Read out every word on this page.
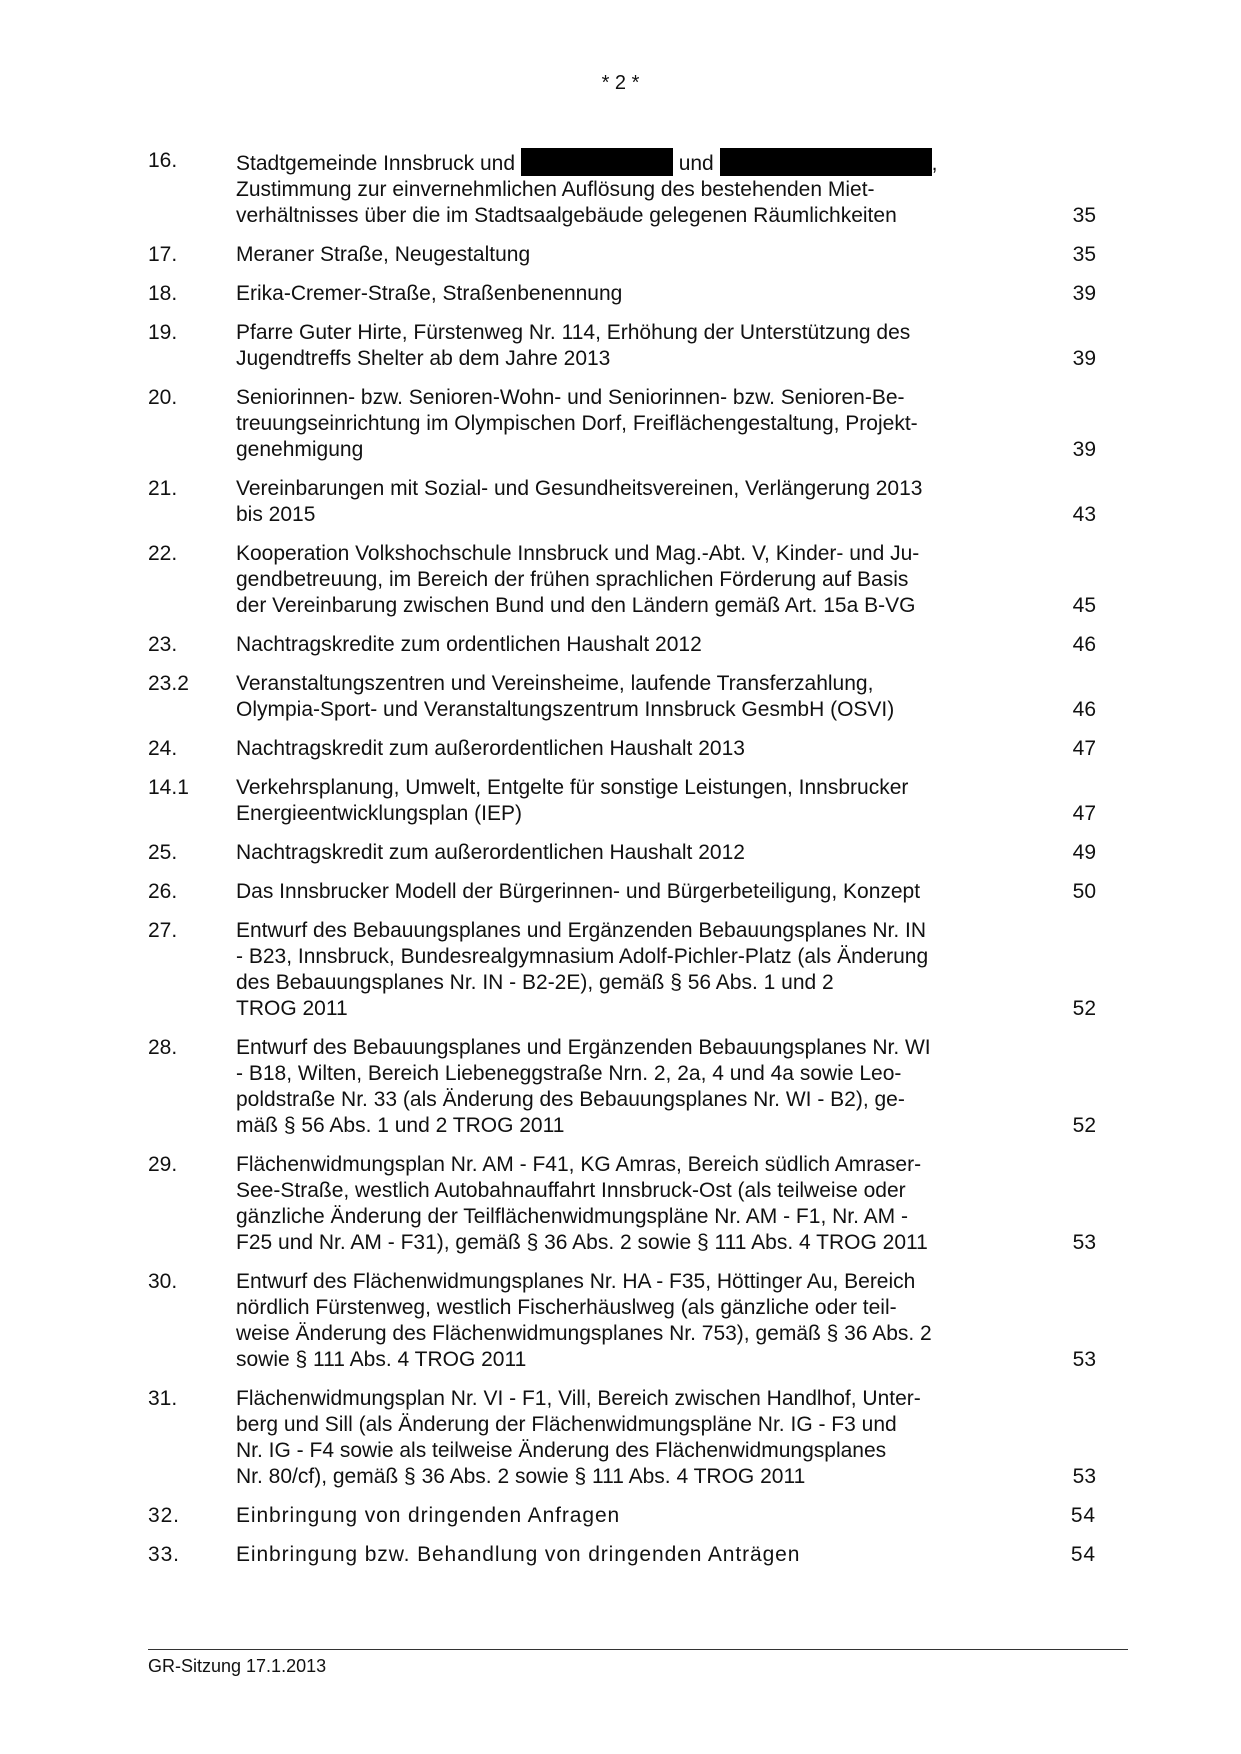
* 2 *
16.	Stadtgemeinde Innsbruck und	und	,
Zustimmung zur einvernehmlichen Auflösung des bestehenden Miet-
verhältnisses über die im Stadtsaalgebäude gelegenen Räumlichkeiten	35
17.	Meraner Straße, Neugestaltung	35
18.	Erika-Cremer-Straße, Straßenbenennung	39
19.	Pfarre Guter Hirte, Fürstenweg Nr. 114, Erhöhung der Unterstützung des
Jugendtreffs Shelter ab dem Jahre 2013	39
20.	Seniorinnen- bzw. Senioren-Wohn- und Seniorinnen- bzw. Senioren-Be-
treuungseinrichtung im Olympischen Dorf, Freiflächengestaltung, Projekt-
genehmigung	39
21.	Vereinbarungen mit Sozial- und Gesundheitsvereinen, Verlängerung 2013
bis 2015	43
22.	Kooperation Volkshochschule Innsbruck und Mag.-Abt. V, Kinder- und Ju-
gendbetreuung, im Bereich der frühen sprachlichen Förderung auf Basis
der Vereinbarung zwischen Bund und den Ländern gemäß Art. 15a B-VG	45
23.	Nachtragskredite zum ordentlichen Haushalt 2012	46
23.2	Veranstaltungszentren und Vereinsheime, laufende Transferzahlung,
Olympia-Sport- und Veranstaltungszentrum Innsbruck GesmbH (OSVI)	46
24.	Nachtragskredit zum außerordentlichen Haushalt 2013	47
14.1	Verkehrsplanung, Umwelt, Entgelte für sonstige Leistungen, Innsbrucker
Energieentwicklungsplan (IEP)	47
25.	Nachtragskredit zum außerordentlichen Haushalt 2012	49
26.	Das Innsbrucker Modell der Bürgerinnen- und Bürgerbeteiligung, Konzept	50
27.	Entwurf des Bebauungsplanes und Ergänzenden Bebauungsplanes Nr. IN
- B23, Innsbruck, Bundesrealgymnasium Adolf-Pichler-Platz (als Änderung
des Bebauungsplanes Nr. IN - B2-2E), gemäß § 56 Abs. 1 und 2
TROG 2011	52
28.	Entwurf des Bebauungsplanes und Ergänzenden Bebauungsplanes Nr. WI
- B18, Wilten, Bereich Liebeneggstraße Nrn. 2, 2a, 4 und 4a sowie Leo-
poldstraße Nr. 33 (als Änderung des Bebauungsplanes Nr. WI - B2), ge-
mäß § 56 Abs. 1 und 2 TROG 2011	52
29.	Flächenwidmungsplan Nr. AM - F41, KG Amras, Bereich südlich Amraser-
See-Straße, westlich Autobahnauffahrt Innsbruck-Ost (als teilweise oder
gänzliche Änderung der Teilflächenwidmungspläne Nr. AM - F1, Nr. AM -
F25 und Nr. AM - F31), gemäß § 36 Abs. 2 sowie § 111 Abs. 4 TROG 2011	53
30.	Entwurf des Flächenwidmungsplanes Nr. HA - F35, Höttinger Au, Bereich
nördlich Fürstenweg, westlich Fischerhäuslweg (als gänzliche oder teil-
weise Änderung des Flächenwidmungsplanes Nr. 753), gemäß § 36 Abs. 2
sowie § 111 Abs. 4 TROG 2011	53
31.	Flächenwidmungsplan Nr. VI - F1, Vill, Bereich zwischen Handlhof, Unter-
berg und Sill (als Änderung der Flächenwidmungspläne Nr. IG - F3 und
Nr. IG - F4 sowie als teilweise Änderung des Flächenwidmungsplanes
Nr. 80/cf), gemäß § 36 Abs. 2 sowie § 111 Abs. 4 TROG 2011	53
32.	Einbringung von dringenden Anfragen	54
33.	Einbringung bzw. Behandlung von dringenden Anträgen	54
GR-Sitzung 17.1.2013
